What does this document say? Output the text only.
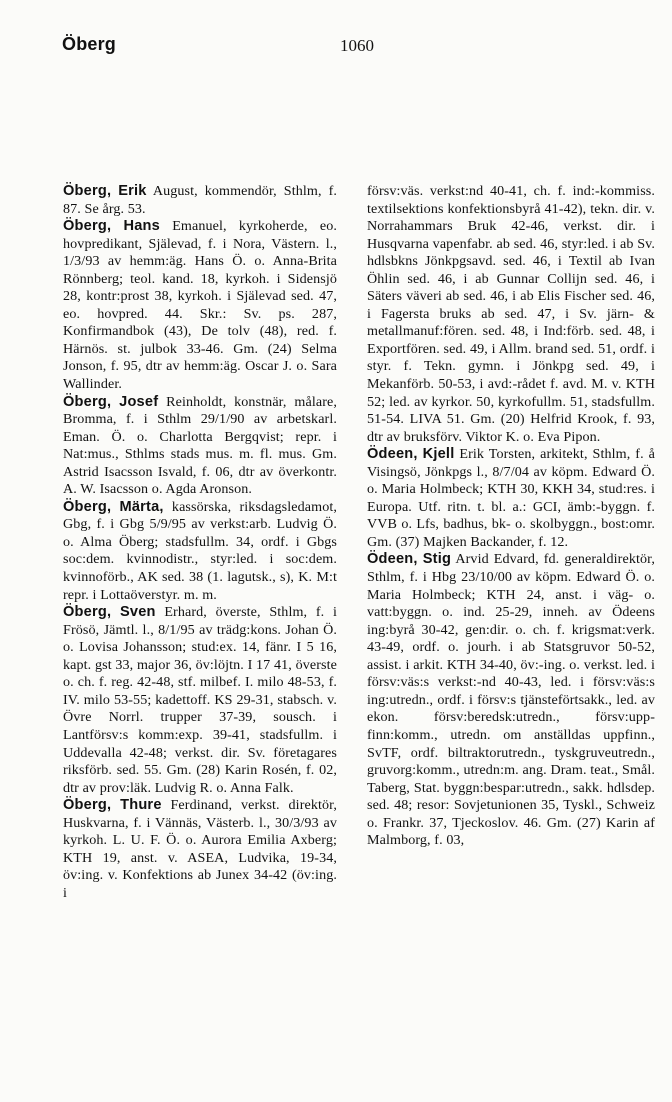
Öberg	1060

Öberg, Erik August, kommendör, Sthlm, f. 87. Se årg. 53.

Öberg, Hans Emanuel, kyrkoherde, eo. hovpredikant, Själevad, f. i Nora, Västern. l., 1/3/93 av hemm:äg. Hans Ö. o. Anna-Brita Rönnberg; teol. kand. 18, kyrkoh. i Sidensjö 28, kontr:prost 38, kyrkoh. i Själevad sed. 47, eo. hovpred. 44. Skr.: Sv. ps. 287, Konfirmandbok (43), De tolv (48), red. f. Härnös. st. julbok 33-46. Gm. (24) Selma Jonson, f. 95, dtr av hemm:äg. Oscar J. o. Sara Wallinder.

Öberg, Josef Reinholdt, konstnär, målare, Bromma, f. i Sthlm 29/1/90 av arbetskarl. Eman. Ö. o. Charlotta Bergqvist; repr. i Nat:mus., Sthlms stads mus. m. fl. mus. Gm. Astrid Isacsson Isvald, f. 06, dtr av överkontr. A. W. Isacsson o. Agda Aronson.

Öberg, Märta, kassörska, riksdagsledamot, Gbg, f. i Gbg 5/9/95 av verkst:arb. Ludvig Ö. o. Alma Öberg; stadsfullm. 34, ordf. i Gbgs soc:dem. kvinnodistr., styr:led. i soc:dem. kvinnoförb., AK sed. 38 (1. lagutsk., s), K. M:t repr. i Lottaöverstyr. m. m.

Öberg, Sven Erhard, överste, Sthlm, f. i Frösö, Jämtl. l., 8/1/95 av trädg:kons. Johan Ö. o. Lovisa Johansson; stud:ex. 14, fänr. I 5 16, kapt. gst 33, major 36, öv:löjtn. I 17 41, överste o. ch. f. reg. 42-48, stf. milbef. I. milo 48-53, f. IV. milo 53-55; kadettoff. KS 29-31, stabsch. v. Övre Norrl. trupper 37-39, sousch. i Lantförsv:s komm:exp. 39-41, stadsfullm. i Uddevalla 42-48; verkst. dir. Sv. företagares riksförb. sed. 55. Gm. (28) Karin Rosén, f. 02, dtr av prov:läk. Ludvig R. o. Anna Falk.

Öberg, Thure Ferdinand, verkst. direktör, Huskvarna, f. i Vännäs, Västerb. l., 30/3/93 av kyrkoh. L. U. F. Ö. o. Aurora Emilia Axberg; KTH 19, anst. v. ASEA, Ludvika, 19-34, öv:ing. v. Konfektions ab Junex 34-42 (öv:ing. i

försv:väs. verkst:nd 40-41, ch. f. ind:-kommiss. textilsektions konfektionsbyrå 41-42), tekn. dir. v. Norrahammars Bruk 42-46, verkst. dir. i Husqvarna vapenfabr. ab sed. 46, styr:led. i ab Sv. hdlsbkns Jönkpgsavd. sed. 46, i Textil ab Ivan Öhlin sed. 46, i ab Gunnar Collijn sed. 46, i Säters väveri ab sed. 46, i ab Elis Fischer sed. 46, i Fagersta bruks ab sed. 47, i Sv. järn- & metallmanuf:fören. sed. 48, i Ind:förb. sed. 48, i Exportfören. sed. 49, i Allm. brand sed. 51, ordf. i styr. f. Tekn. gymn. i Jönkpg sed. 49, i Mekanförb. 50-53, i avd:-rådet f. avd. M. v. KTH 52; led. av kyrkor. 50, kyrkofullm. 51, stadsfullm. 51-54. LIVA 51. Gm. (20) Helfrid Krook, f. 93, dtr av bruksförv. Viktor K. o. Eva Pipon.

Ödeen, Kjell Erik Torsten, arkitekt, Sthlm, f. å Visingsö, Jönkpgs l., 8/7/04 av köpm. Edward Ö. o. Maria Holmbeck; KTH 30, KKH 34, stud:res. i Europa. Utf. ritn. t. bl. a.: GCI, ämb:-byggn. f. VVB o. Lfs, badhus, bk- o. skolbyggn., bost:omr. Gm. (37) Majken Backander, f. 12.

Ödeen, Stig Arvid Edvard, fd. generaldirektör, Sthlm, f. i Hbg 23/10/00 av köpm. Edward Ö. o. Maria Holmbeck; KTH 24, anst. i väg- o. vatt:byggn. o. ind. 25-29, inneh. av Ödeens ing:byrå 30-42, gen:dir. o. ch. f. krigsmat:verk. 43-49, ordf. o. jourh. i ab Statsgruvor 50-52, assist. i arkit. KTH 34-40, öv:-ing. o. verkst. led. i försv:väs:s verkst:-nd 40-43, led. i försv:väs:s ing:utredn., ordf. i försv:s tjänsteförtsakk., led. av ekon. försv:beredsk:utredn., försv:upp-finn:komm., utredn. om anställdas uppfinn., SvTF, ordf. biltraktorutredn., tyskgruveutredn., gruvorg:komm., utredn:m. ang. Dram. teat., Smål. Taberg, Stat. byggn:bespar:utredn., sakk. hdlsdep. sed. 48; resor: Sovjetunionen 35, Tyskl., Schweiz o. Frankr. 37, Tjeckoslov. 46. Gm. (27) Karin af Malmborg, f. 03,
